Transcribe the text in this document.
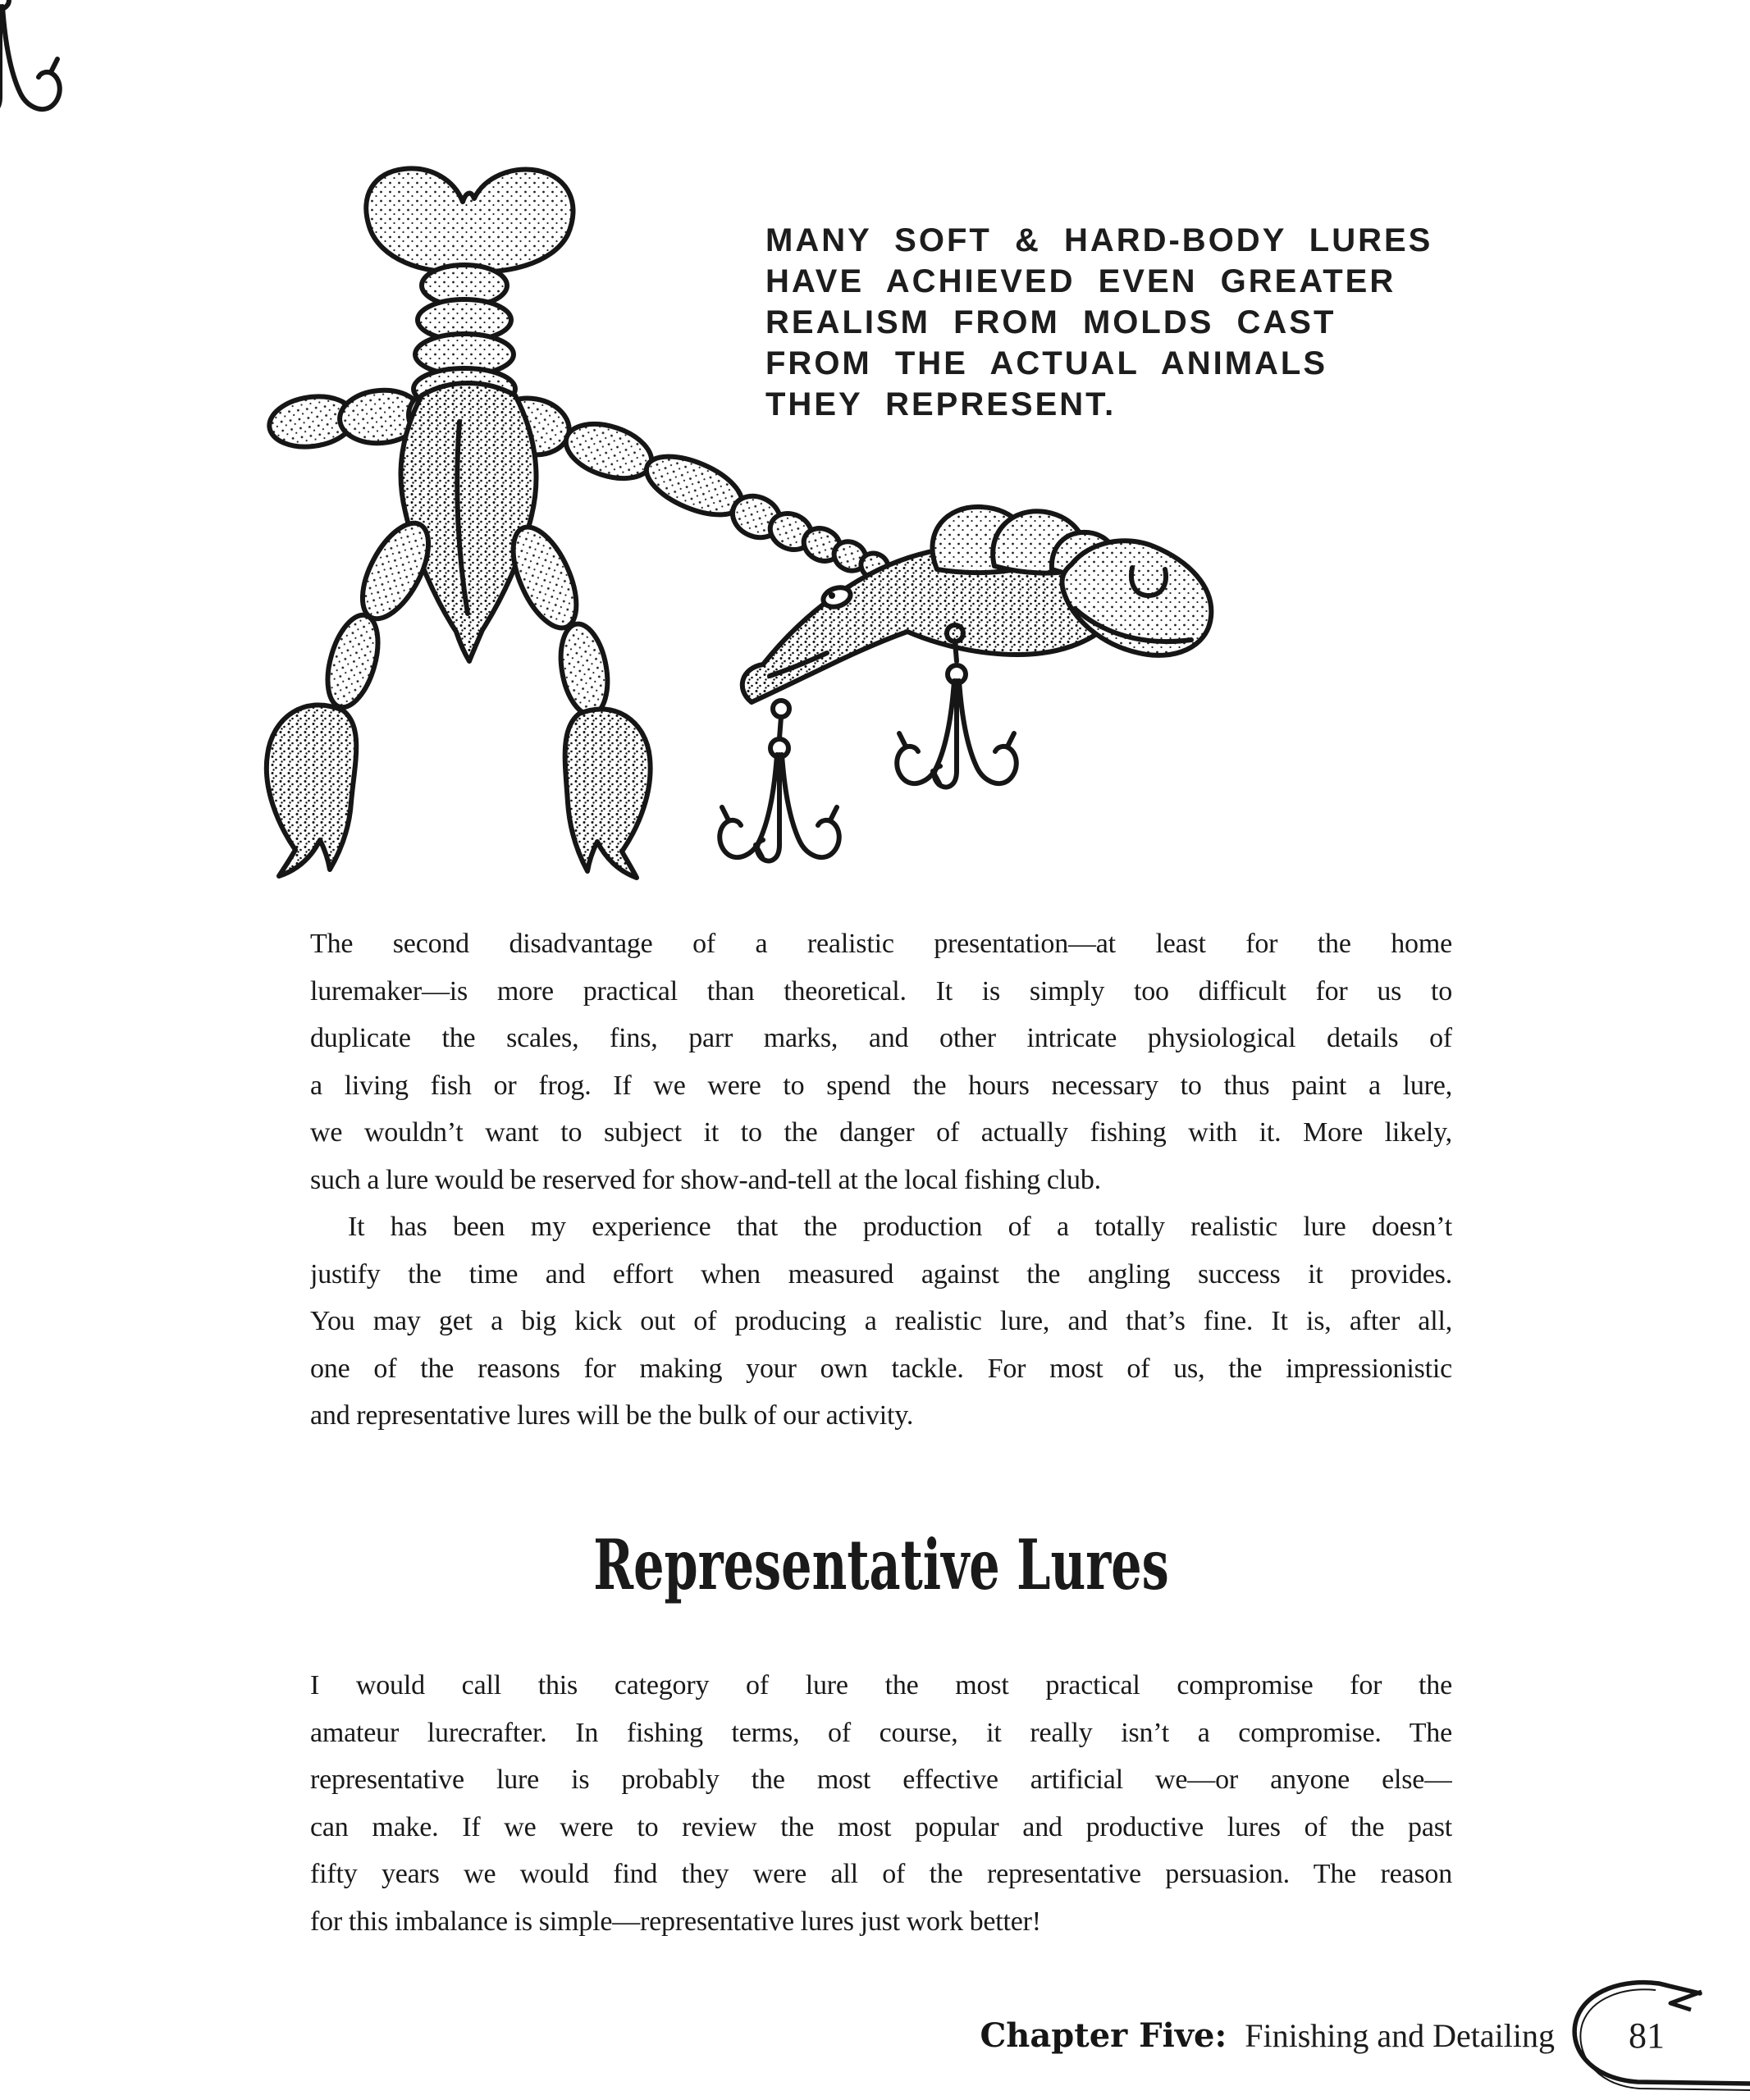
MANY SOFT & HARD-BODY LURES
HAVE ACHIEVED EVEN GREATER
REALISM FROM MOLDS CAST
FROM THE ACTUAL ANIMALS
THEY REPRESENT.
The second disadvantage of a realistic presentation—at least for the home
luremaker—is more practical than theoretical. It is simply too difficult for us to
duplicate the scales, fins, parr marks, and other intricate physiological details of
a living fish or frog. If we were to spend the hours necessary to thus paint a lure,
we wouldn’t want to subject it to the danger of actually fishing with it. More likely,
such a lure would be reserved for show-and-tell at the local fishing club.
It has been my experience that the production of a totally realistic lure doesn’t
justify the time and effort when measured against the angling success it provides.
You may get a big kick out of producing a realistic lure, and that’s fine. It is, after all,
one of the reasons for making your own tackle. For most of us, the impressionistic
and representative lures will be the bulk of our activity.
Representative Lures
I would call this category of lure the most practical compromise for the
amateur lurecrafter. In fishing terms, of course, it really isn’t a compromise. The
representative lure is probably the most effective artificial we—or anyone else—
can make. If we were to review the most popular and productive lures of the past
fifty years we would find they were all of the representative persuasion. The reason
for this imbalance is simple—representative lures just work better!
Chapter Five: Finishing and Detailing	81
